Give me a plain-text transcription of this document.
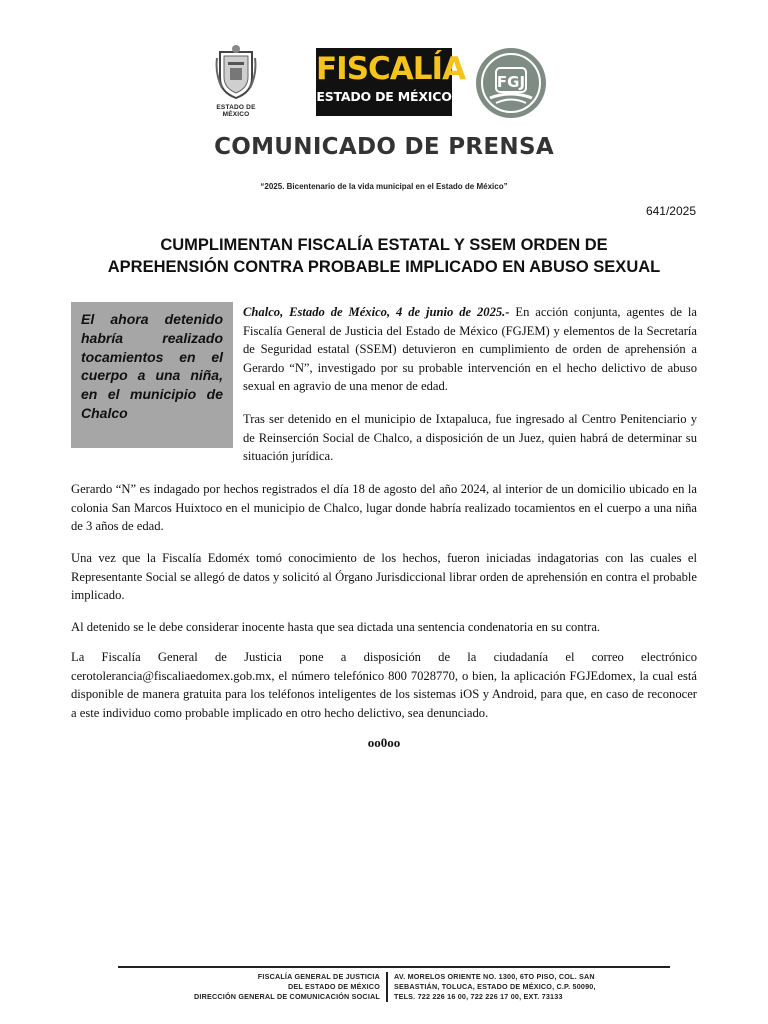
ESTADO DE MÉXICO
FISCALÍA
ESTADO DE MÉXICO
FGJ
COMUNICADO DE PRENSA
“2025. Bicentenario de la vida municipal en el Estado de México”
641/2025
CUMPLIMENTAN FISCALÍA ESTATAL Y SSEM ORDEN DE
APREHENSIÓN CONTRA PROBABLE IMPLICADO EN ABUSO SEXUAL
El ahora detenido habría realizado tocamientos en el cuerpo a una niña, en el municipio de Chalco
Chalco, Estado de México, 4 de junio de 2025.- En acción conjunta, agentes de la Fiscalía General de Justicia del Estado de México (FGJEM) y elementos de la Secretaría de Seguridad estatal (SSEM) detuvieron en cumplimiento de orden de aprehensión a Gerardo “N”, investigado por su probable intervención en el hecho delictivo de abuso sexual en agravio de una menor de edad.
Tras ser detenido en el municipio de Ixtapaluca, fue ingresado al Centro Penitenciario y de Reinserción Social de Chalco, a disposición de un Juez, quien habrá de determinar su situación jurídica.
Gerardo “N” es indagado por hechos registrados el día 18 de agosto del año 2024, al interior de un domicilio ubicado en la colonia San Marcos Huixtoco en el municipio de Chalco, lugar donde habría realizado tocamientos en el cuerpo a una niña de 3 años de edad.
Una vez que la Fiscalía Edoméx tomó conocimiento de los hechos, fueron iniciadas indagatorias con las cuales el Representante Social se allegó de datos y solicitó al Órgano Jurisdiccional librar orden de aprehensión en contra el probable implicado.
Al detenido se le debe considerar inocente hasta que sea dictada una sentencia condenatoria en su contra.
La Fiscalía General de Justicia pone a disposición de la ciudadanía el correo electrónico cerotolerancia@fiscaliaedomex.gob.mx, el número telefónico 800 7028770, o bien, la aplicación FGJEdomex, la cual está disponible de manera gratuita para los teléfonos inteligentes de los sistemas iOS y Android, para que, en caso de reconocer a este individuo como probable implicado en otro hecho delictivo, sea denunciado.
oo0oo
FISCALÍA GENERAL DE JUSTICIA
DEL ESTADO DE MÉXICO
DIRECCIÓN GENERAL DE COMUNICACIÓN SOCIAL
AV. MORELOS ORIENTE NO. 1300, 6TO PISO, COL. SAN
SEBASTIÁN, TOLUCA, ESTADO DE MÉXICO, C.P. 50090,
TELS. 722 226 16 00, 722 226 17 00, EXT. 73133
